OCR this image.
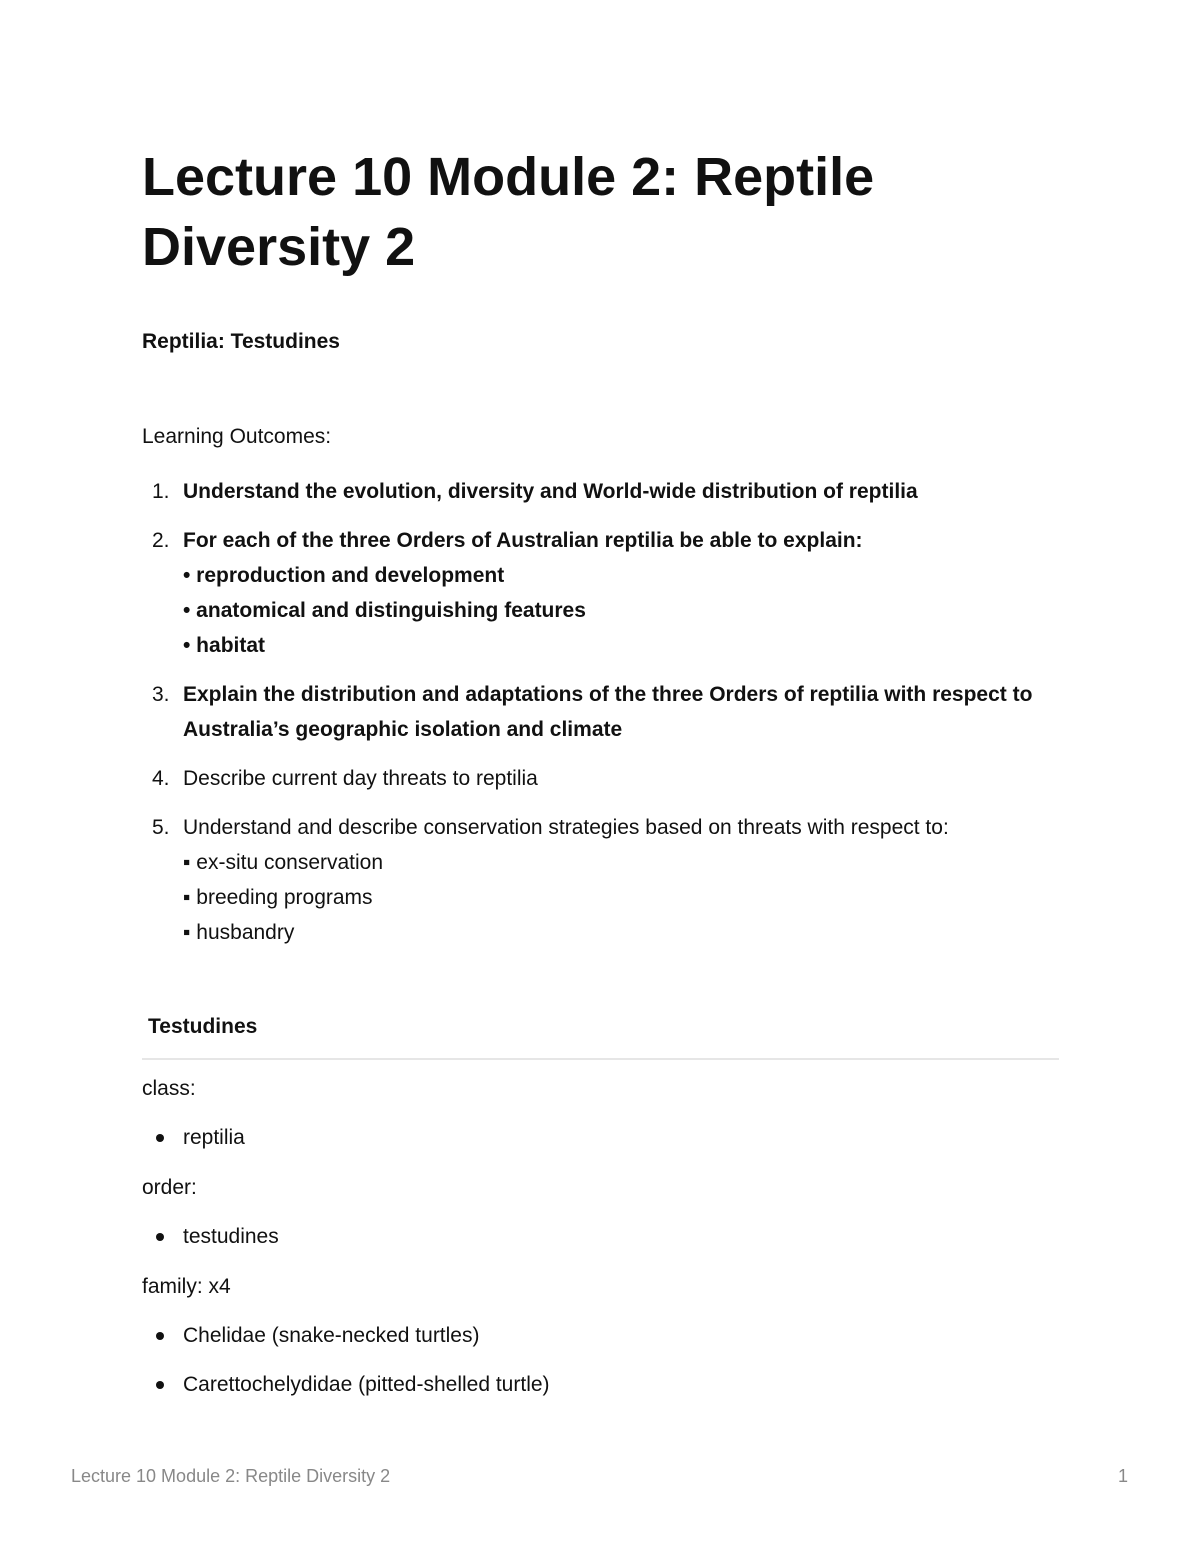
Lecture 10 Module 2: Reptile Diversity 2

Reptilia: Testudines

Learning Outcomes:

1. Understand the evolution, diversity and World-wide distribution of reptilia
2. For each of the three Orders of Australian reptilia be able to explain:
• reproduction and development
• anatomical and distinguishing features
• habitat
3. Explain the distribution and adaptations of the three Orders of reptilia with respect to Australia’s geographic isolation and climate
4. Describe current day threats to reptilia
5. Understand and describe conservation strategies based on threats with respect to:
▪ ex-situ conservation
▪ breeding programs
▪ husbandry
Testudines

class:

reptilia

order:

testudines

family: x4

Chelidae (snake-necked turtles)
Carettochelydidae (pitted-shelled turtle)

Lecture 10 Module 2: Reptile Diversity 2	1
